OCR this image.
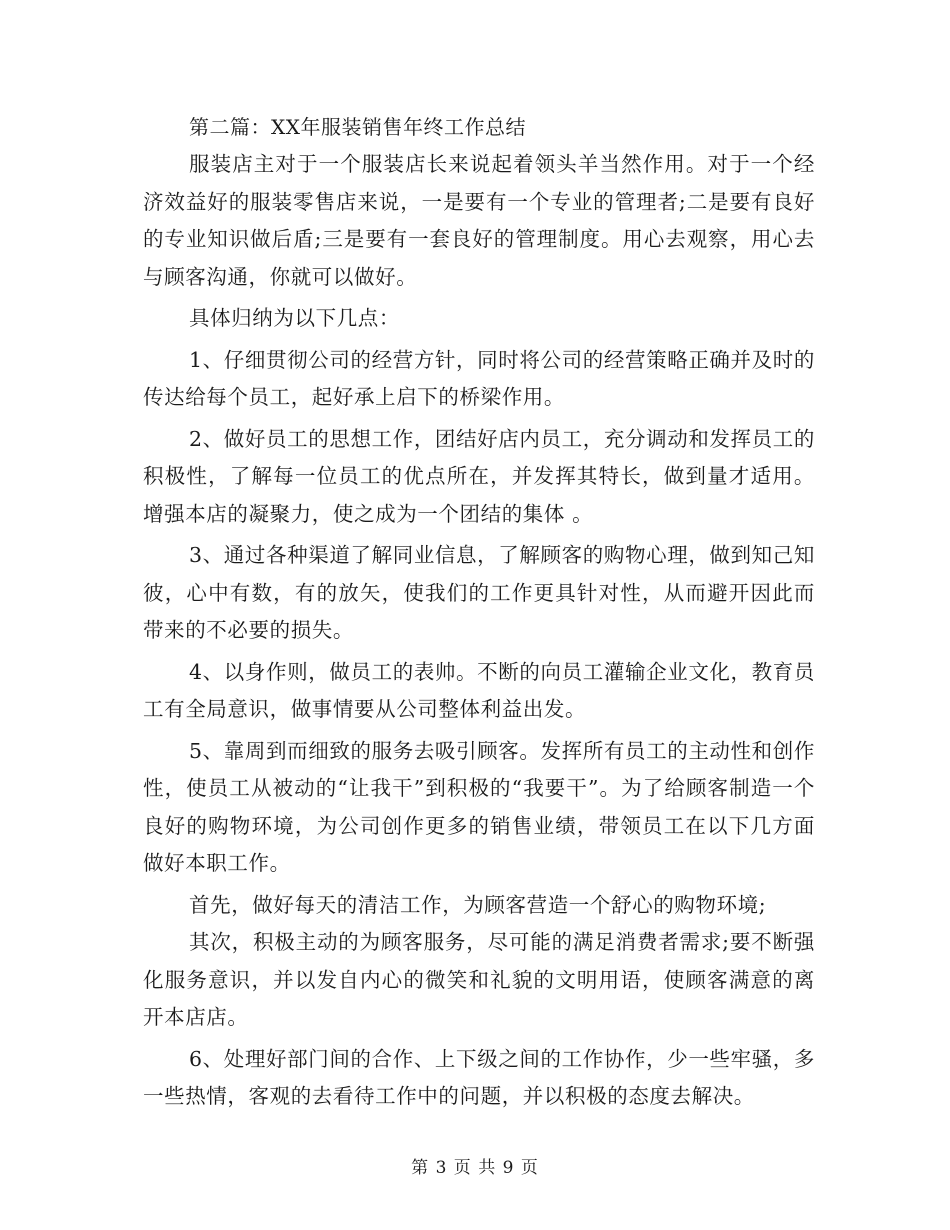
第二篇：XX年服装销售年终工作总结

服装店主对于一个服装店长来说起着领头羊当然作用。对于一个经济效益好的服装零售店来说，一是要有一个专业的管理者;二是要有良好的专业知识做后盾;三是要有一套良好的管理制度。用心去观察，用心去与顾客沟通，你就可以做好。

具体归纳为以下几点：

1、仔细贯彻公司的经营方针，同时将公司的经营策略正确并及时的传达给每个员工，起好承上启下的桥梁作用。

2、做好员工的思想工作，团结好店内员工，充分调动和发挥员工的积极性，了解每一位员工的优点所在，并发挥其特长，做到量才适用。增强本店的凝聚力，使之成为一个团结的集体 。

3、通过各种渠道了解同业信息，了解顾客的购物心理，做到知己知彼，心中有数，有的放矢，使我们的工作更具针对性，从而避开因此而带来的不必要的损失。

4、以身作则，做员工的表帅。不断的向员工灌输企业文化，教育员工有全局意识，做事情要从公司整体利益出发。

5、靠周到而细致的服务去吸引顾客。发挥所有员工的主动性和创作性，使员工从被动的“让我干”到积极的“我要干”。为了给顾客制造一个良好的购物环境，为公司创作更多的销售业绩，带领员工在以下几方面做好本职工作。

首先，做好每天的清洁工作，为顾客营造一个舒心的购物环境;

其次，积极主动的为顾客服务，尽可能的满足消费者需求;要不断强化服务意识，并以发自内心的微笑和礼貌的文明用语，使顾客满意的离开本店店。

6、处理好部门间的合作、上下级之间的工作协作，少一些牢骚，多一些热情，客观的去看待工作中的问题，并以积极的态度去解决。

第 3 页 共 9 页
